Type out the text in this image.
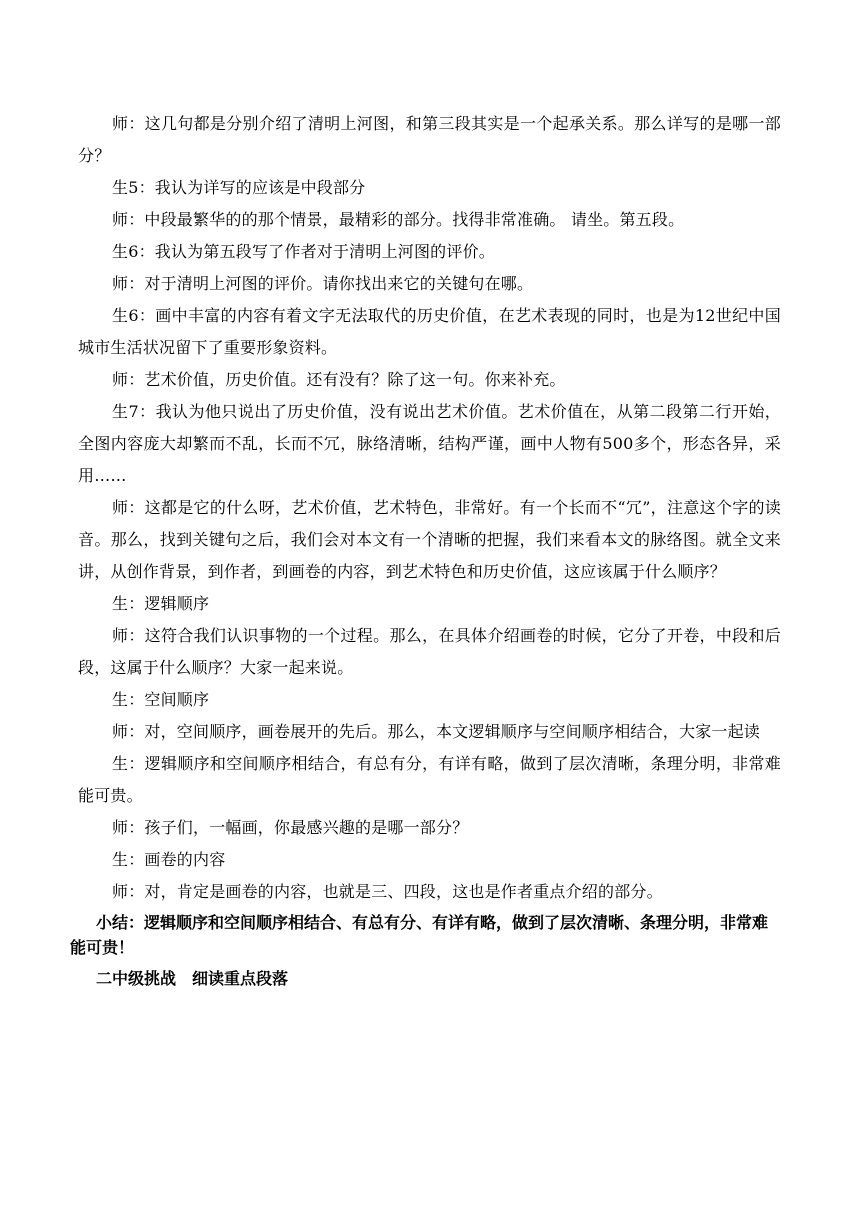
师：这几句都是分别介绍了清明上河图，和第三段其实是一个起承关系。那么详写的是哪一部分？

生5：我认为详写的应该是中段部分

师：中段最繁华的的那个情景，最精彩的部分。找得非常准确。 请坐。第五段。

生6：我认为第五段写了作者对于清明上河图的评价。

师：对于清明上河图的评价。请你找出来它的关键句在哪。

生6：画中丰富的内容有着文字无法取代的历史价值，在艺术表现的同时，也是为12世纪中国城市生活状况留下了重要形象资料。

师：艺术价值，历史价值。还有没有？除了这一句。你来补充。

生7：我认为他只说出了历史价值，没有说出艺术价值。艺术价值在，从第二段第二行开始，全图内容庞大却繁而不乱，长而不冗，脉络清晰，结构严谨，画中人物有500多个，形态各异，采用……

师：这都是它的什么呀，艺术价值，艺术特色，非常好。有一个长而不“冗”，注意这个字的读音。那么，找到关键句之后，我们会对本文有一个清晰的把握，我们来看本文的脉络图。就全文来讲，从创作背景，到作者，到画卷的内容，到艺术特色和历史价值，这应该属于什么顺序？

生：逻辑顺序

师：这符合我们认识事物的一个过程。那么，在具体介绍画卷的时候，它分了开卷，中段和后段，这属于什么顺序？大家一起来说。

生：空间顺序

师：对，空间顺序，画卷展开的先后。那么，本文逻辑顺序与空间顺序相结合，大家一起读

生：逻辑顺序和空间顺序相结合，有总有分，有详有略，做到了层次清晰，条理分明，非常难能可贵。

师：孩子们，一幅画，你最感兴趣的是哪一部分？

生：画卷的内容

师：对，肯定是画卷的内容，也就是三、四段，这也是作者重点介绍的部分。

小结：逻辑顺序和空间顺序相结合、有总有分、有详有略，做到了层次清晰、条理分明，非常难能可贵！

二中级挑战　细读重点段落
